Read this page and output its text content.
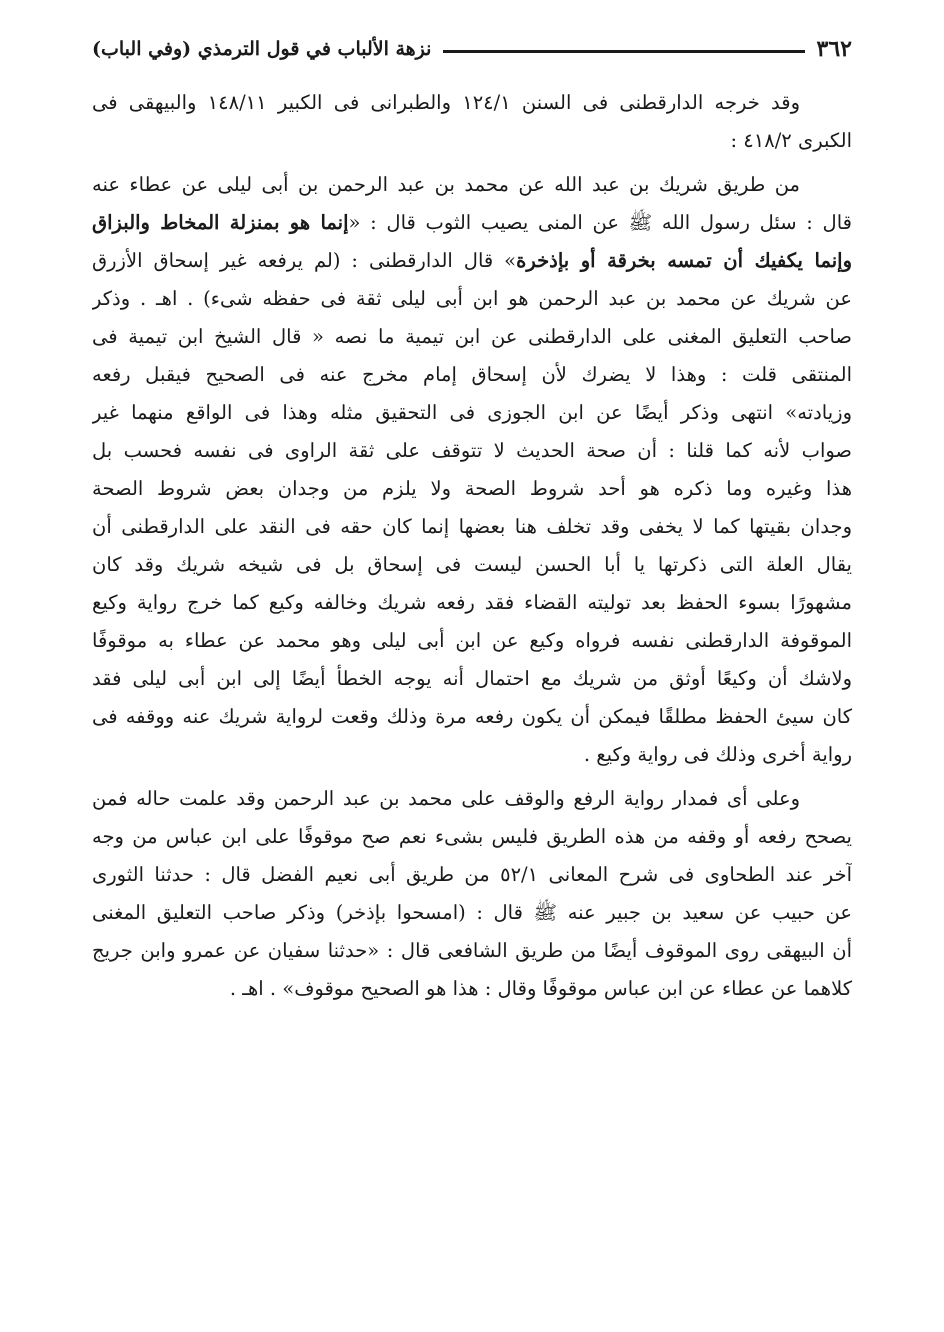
٣٦٢
نزهة الألباب في قول الترمذي (وفي الباب)
وقد خرجه الدارقطنى فى السنن ١٢٤/١ والطبرانى فى الكبير ١٤٨/١١ والبيهقى فى
الكبرى ٤١٨/٢ :
من طريق شريك بن عبد الله عن محمد بن عبد الرحمن بن أبى ليلى عن عطاء عنه
قال : سئل رسول الله ﷺ عن المنى يصيب الثوب قال : «إنما هو بمنزلة المخاط والبزاق
وإنما يكفيك أن تمسه بخرقة أو بإذخرة» قال الدارقطنى : (لم يرفعه غير إسحاق الأزرق
عن شريك عن محمد بن عبد الرحمن هو ابن أبى ليلى ثقة فى حفظه شىء) . اهـ . وذكر
صاحب التعليق المغنى على الدارقطنى عن ابن تيمية ما نصه « قال الشيخ ابن تيمية فى
المنتقى قلت : وهذا لا يضرك لأن إسحاق إمام مخرج عنه فى الصحيح فيقبل رفعه
وزيادته» انتهى وذكر أيضًا عن ابن الجوزى فى التحقيق مثله وهذا فى الواقع منهما غير
صواب لأنه كما قلنا : أن صحة الحديث لا تتوقف على ثقة الراوى فى نفسه فحسب بل
هذا وغيره وما ذكره هو أحد شروط الصحة ولا يلزم من وجدان بعض شروط الصحة
وجدان بقيتها كما لا يخفى وقد تخلف هنا بعضها إنما كان حقه فى النقد على الدارقطنى أن
يقال العلة التى ذكرتها يا أبا الحسن ليست فى إسحاق بل فى شيخه شريك وقد كان
مشهورًا بسوء الحفظ بعد توليته القضاء فقد رفعه شريك وخالفه وكيع كما خرج رواية وكيع
الموقوفة الدارقطنى نفسه فرواه وكيع عن ابن أبى ليلى وهو محمد عن عطاء به موقوفًا
ولاشك أن وكيعًا أوثق من شريك مع احتمال أنه يوجه الخطأ أيضًا إلى ابن أبى ليلى فقد
كان سيئ الحفظ مطلقًا فيمكن أن يكون رفعه مرة وذلك وقعت لرواية شريك عنه ووقفه فى
رواية أخرى وذلك فى رواية وكيع .
وعلى أى فمدار رواية الرفع والوقف على محمد بن عبد الرحمن وقد علمت حاله فمن
يصحح رفعه أو وقفه من هذه الطريق فليس بشىء نعم صح موقوفًا على ابن عباس من وجه
آخر عند الطحاوى فى شرح المعانى ٥٢/١ من طريق أبى نعيم الفضل قال : حدثنا الثورى
عن حبيب عن سعيد بن جبير عنه ﷺ قال : (امسحوا بإذخر) وذكر صاحب التعليق المغنى
أن البيهقى روى الموقوف أيضًا من طريق الشافعى قال : «حدثنا سفيان عن عمرو وابن جريج
كلاهما عن عطاء عن ابن عباس موقوفًا وقال : هذا هو الصحيح موقوف» . اهـ .
